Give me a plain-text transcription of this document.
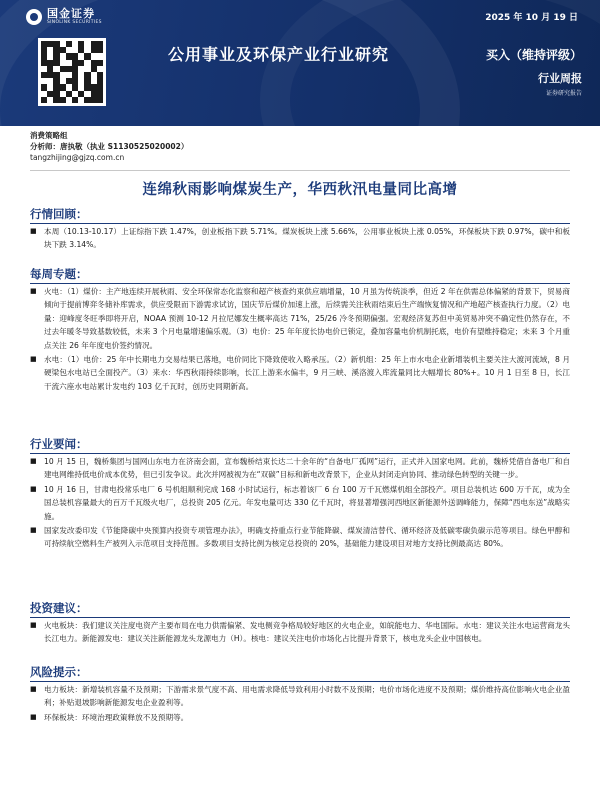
国金证券
SINOLINK SECURITIES	2025 年 10 月 19 日
公用事业及环保产业行业研究	买入（维持评级）
行业周报
证券研究报告
消费策略组
分析师：唐执敬（执业 S1130525020002）
tangzhijing@gjzq.com.cn
连绵秋雨影响煤炭生产，华西秋汛电量同比高增
行情回顾：
■ 本周（10.13-10.17）上证综指下跌 1.47%，创业板指下跌 5.71%。煤炭板块上涨 5.66%，公用事业板块上涨 0.05%，环保板块下跌 0.97%，碳中和板块下跌 3.14%。
每周专题：
■ 火电：（1）煤价：主产地连续开展秋雨、安全环保常态化监察和超产核查约束供应端增量，10 月虽为传统淡季，但近 2 年在供需总体偏紧的背景下，贸易商倾向于提前博弈冬储补库需求，供应受限而下游需求试访，国庆节后煤价加速上涨，后续需关注秋雨结束后生产端恢复情况和产地超产核查执行力度。（2）电量：迎峰度冬旺季即将开启，NOAA 预测 10-12 月拉尼娜发生概率高达 71%，25/26 冷冬预期偏强。宏观经济复苏但中美贸易冲突不确定性仍然存在，不过去年暖冬导致基数较低，未来 3 个月电量增速偏乐观。（3）电价：25 年年度长协电价已锁定，叠加容量电价机制托底，电价有望维持稳定；未来 3 个月重点关注 26 年年度电价签约情况。
■ 水电：（1）电价：25 年中长期电力交易结果已落地，电价同比下降致使收入略承压。（2）新机组：25 年上市水电企业新增装机主要关注大渡河流域，8 月硬梁包水电站已全面投产。（3）来水：华西秋雨持续影响，长江上游来水偏丰，9 月三峡、溪洛渡入库流量同比大幅增长 80%+。10 月 1 日至 8 日，长江干流六座水电站累计发电约 103 亿千瓦时，创历史同期新高。
行业要闻：
■ 10 月 15 日，魏桥集团与国网山东电力在济南会面，宣布魏桥结束长达二十余年的“自备电厂孤网”运行，正式并入国家电网。此前，魏桥凭借自备电厂和自建电网维持低电价成本优势，但已引发争议。此次并网被视为在“双碳”目标和新电改背景下，企业从封闭走向协同、推动绿色转型的关键一步。
■ 10 月 16 日，甘肃电投常乐电厂 6 号机组顺利完成 168 小时试运行，标志着该厂 6 台 100 万千瓦燃煤机组全部投产。项目总装机达 600 万千瓦，成为全国总装机容量最大的百万千瓦级火电厂，总投资 205 亿元。年发电量可达 330 亿千瓦时，将显著增强河西地区新能源外送调峰能力，保障“西电东送”战略实施。
■ 国家发改委印发《节能降碳中央预算内投资专项管理办法》，明确支持重点行业节能降碳、煤炭清洁替代、循环经济及低碳零碳负碳示范等项目。绿色甲醇和可持续航空燃料生产被列入示范项目支持范围。多数项目支持比例为核定总投资的 20%，基础能力建设项目对地方支持比例最高达 80%。
投资建议：
■ 火电板块：我们建议关注度电资产主要布局在电力供需偏紧、发电侧竞争格局较好地区的火电企业，如皖能电力、华电国际。水电：建议关注水电运营商龙头长江电力。新能源发电：建议关注新能源龙头龙源电力（H）。核电：建议关注电价市场化占比提升背景下，核电龙头企业中国核电。
风险提示：
■ 电力板块：新增装机容量不及预期；下游需求景气度不高、用电需求降低导致利用小时数不及预期；电价市场化进度不及预期；煤价维持高位影响火电企业盈利；补贴退坡影响新能源发电企业盈利等。
■ 环保板块：环境治理政策释放不及预期等。
